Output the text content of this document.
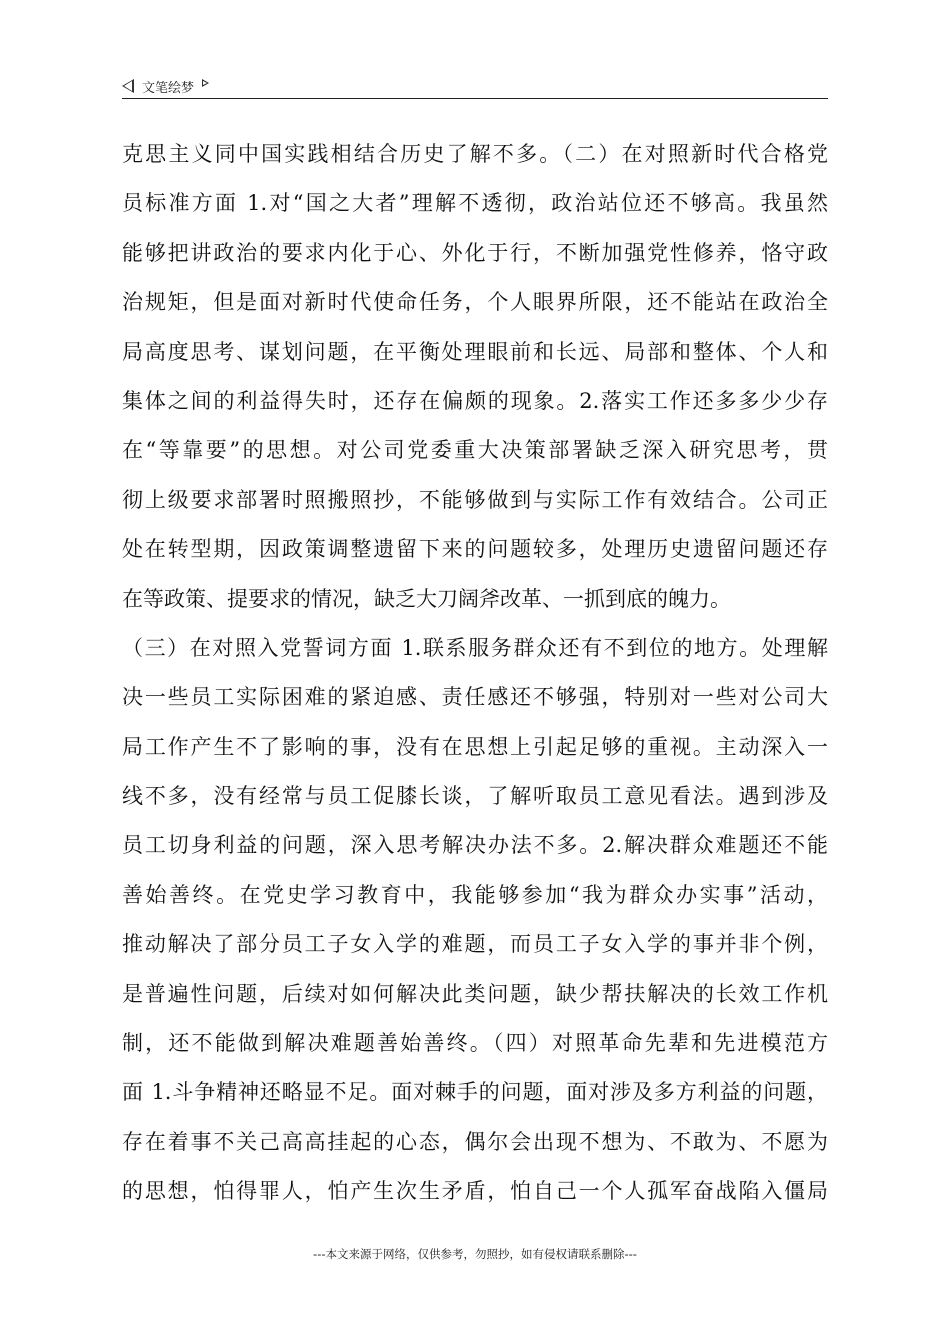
文笔绘梦
克思主义同中国实践相结合历史了解不多。（二）在对照新时代合格党
员标准方面 1.对“国之大者”理解不透彻，政治站位还不够高。我虽然
能够把讲政治的要求内化于心、外化于行，不断加强党性修养，恪守政
治规矩，但是面对新时代使命任务，个人眼界所限，还不能站在政治全
局高度思考、谋划问题，在平衡处理眼前和长远、局部和整体、个人和
集体之间的利益得失时，还存在偏颇的现象。2.落实工作还多多少少存
在“等靠要”的思想。对公司党委重大决策部署缺乏深入研究思考，贯
彻上级要求部署时照搬照抄，不能够做到与实际工作有效结合。公司正
处在转型期，因政策调整遗留下来的问题较多，处理历史遗留问题还存
在等政策、提要求的情况，缺乏大刀阔斧改革、一抓到底的魄力。
（三）在对照入党誓词方面 1.联系服务群众还有不到位的地方。处理解
决一些员工实际困难的紧迫感、责任感还不够强，特别对一些对公司大
局工作产生不了影响的事，没有在思想上引起足够的重视。主动深入一
线不多，没有经常与员工促膝长谈，了解听取员工意见看法。遇到涉及
员工切身利益的问题，深入思考解决办法不多。2.解决群众难题还不能
善始善终。在党史学习教育中，我能够参加“我为群众办实事”活动，
推动解决了部分员工子女入学的难题，而员工子女入学的事并非个例，
是普遍性问题，后续对如何解决此类问题，缺少帮扶解决的长效工作机
制，还不能做到解决难题善始善终。（四）对照革命先辈和先进模范方
面 1.斗争精神还略显不足。面对棘手的问题，面对涉及多方利益的问题，
存在着事不关己高高挂起的心态，偶尔会出现不想为、不敢为、不愿为
的思想，怕得罪人，怕产生次生矛盾，怕自己一个人孤军奋战陷入僵局
---本文来源于网络，仅供参考，勿照抄，如有侵权请联系删除---
